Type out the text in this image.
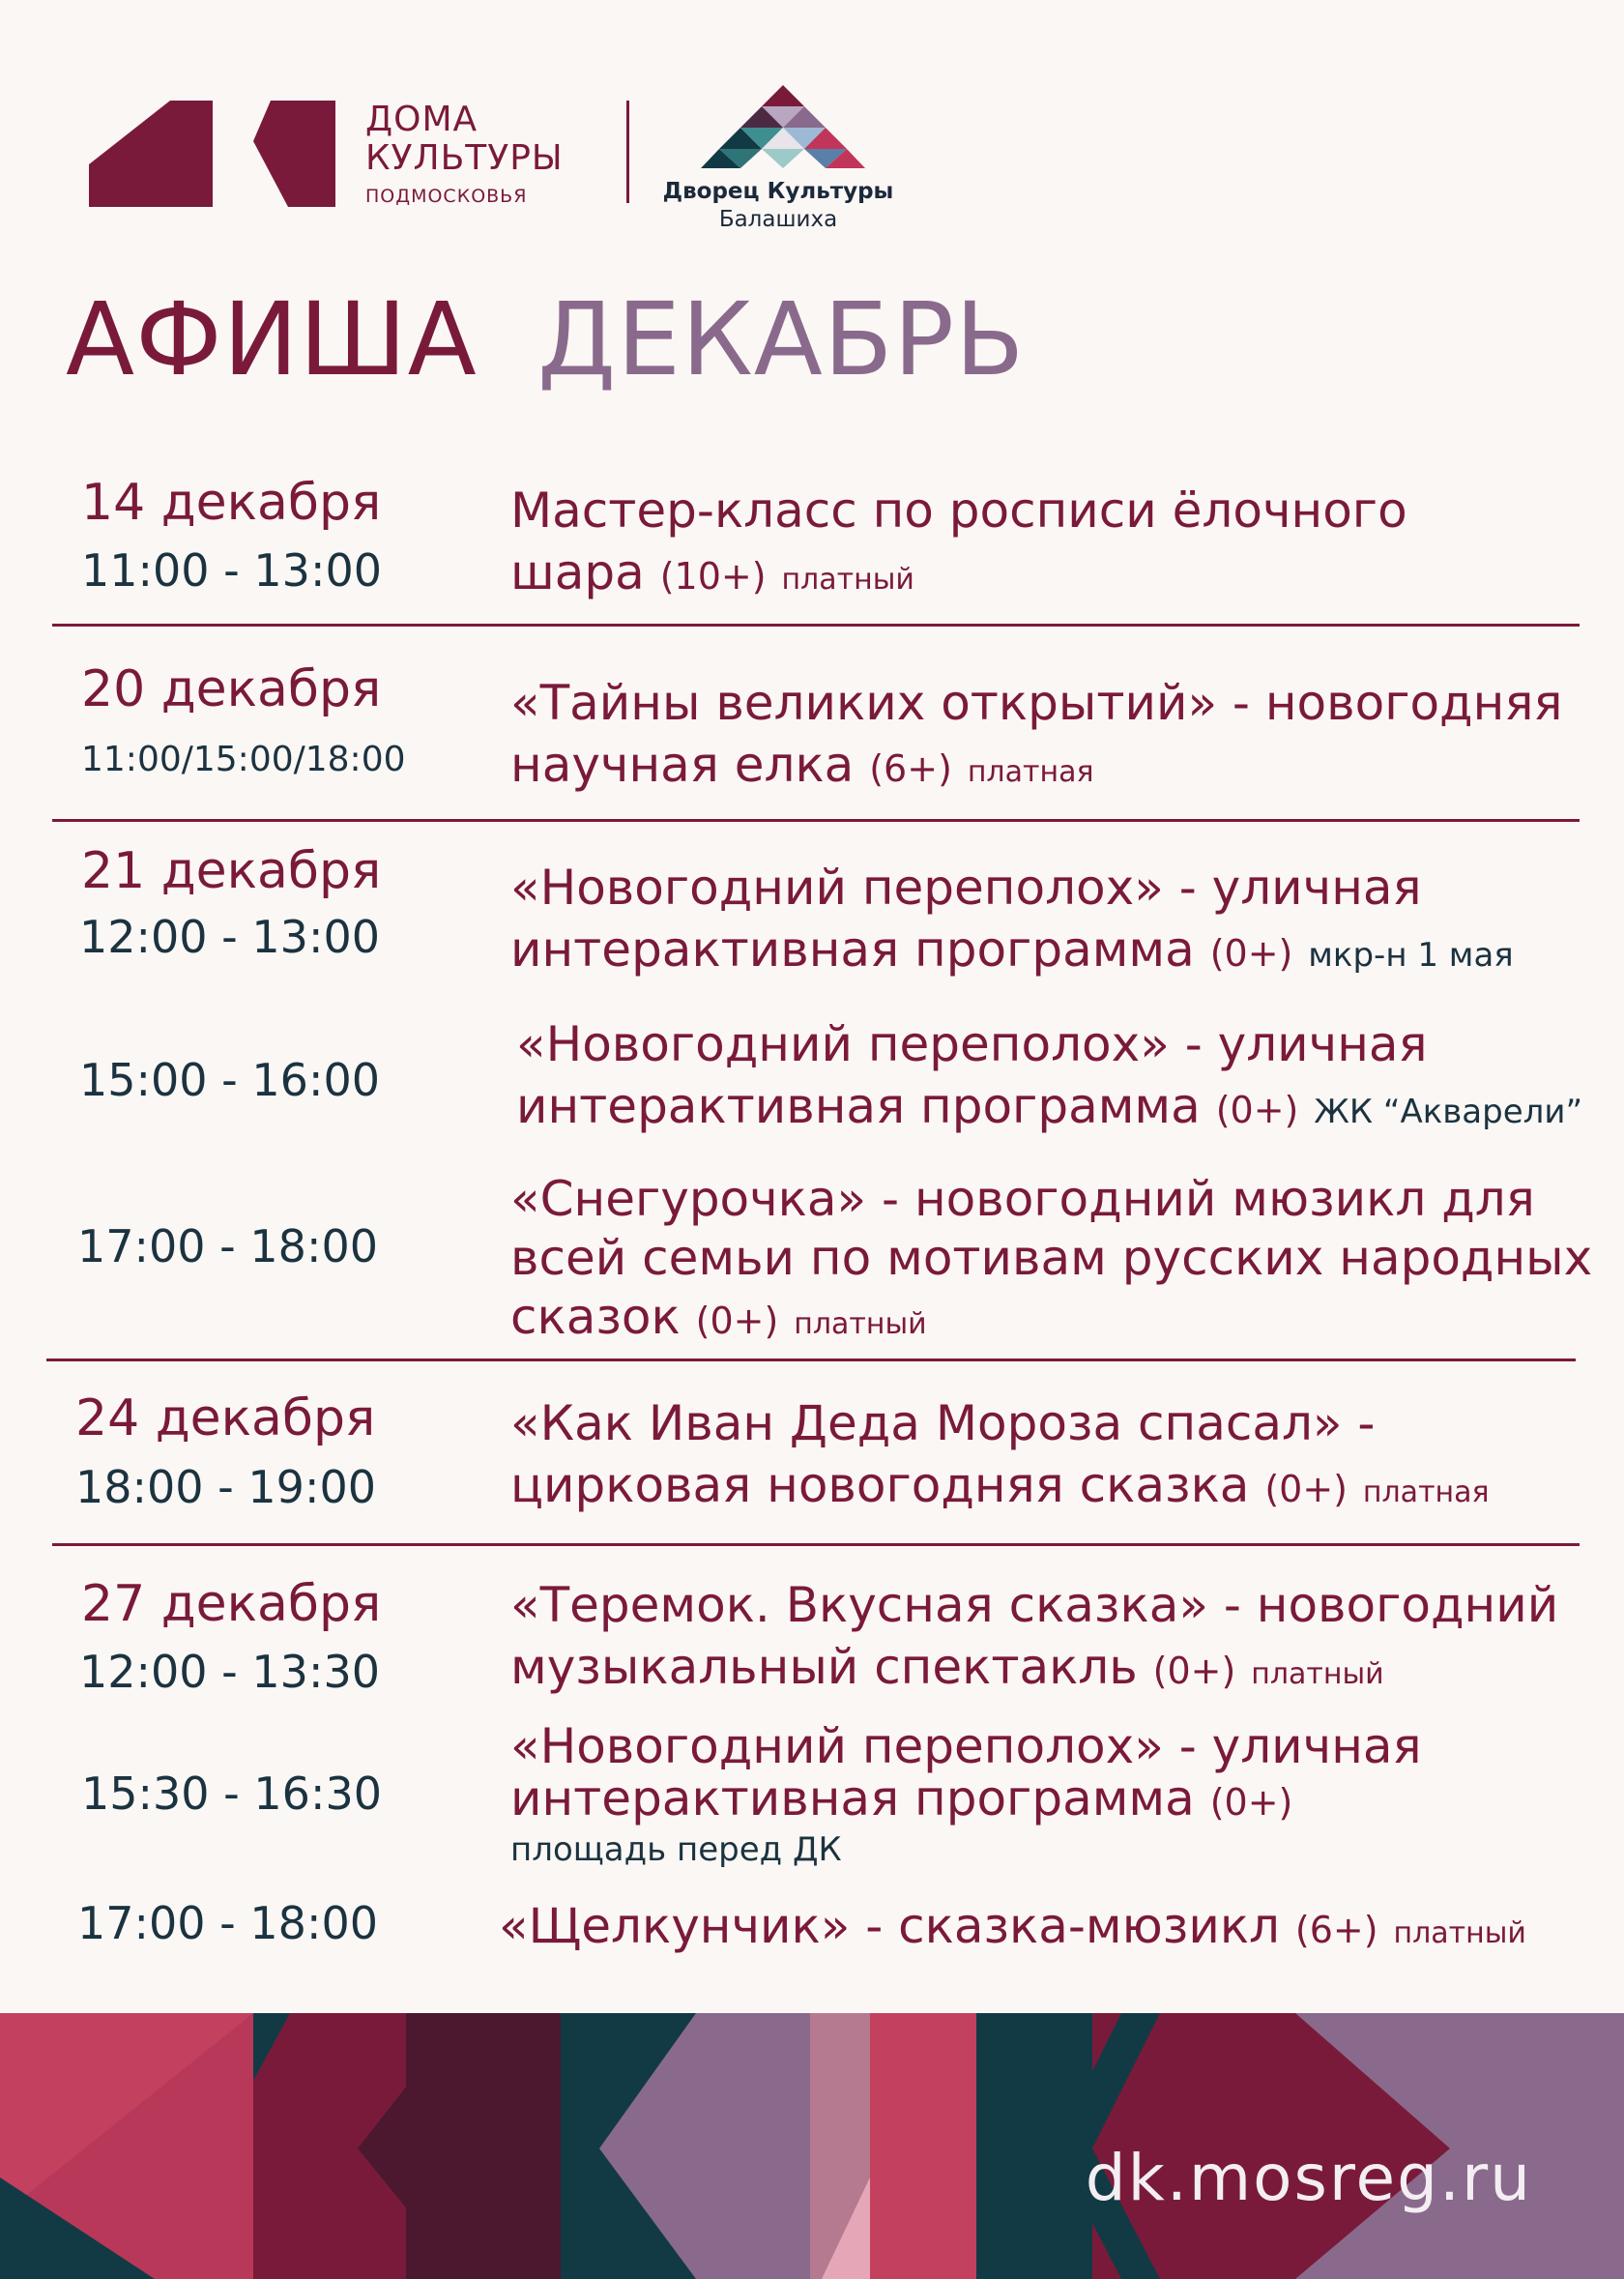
ДОМА
КУЛЬТУРЫ
ПОДМОСКОВЬЯ	Дворец Культуры
Балашиха
АФИША ДЕКАБРЬ
14 декабря
11:00 - 13:00
Мастер-класс по росписи ёлочного
шара (10+) платный
20 декабря
11:00/15:00/18:00
«Тайны великих открытий» - новогодняя
научная елка (6+) платная
21 декабря
12:00 - 13:00
«Новогодний переполох» - уличная
интерактивная программа (0+) мкр-н 1 мая
15:00 - 16:00
«Новогодний переполох» - уличная
интерактивная программа (0+) ЖК “Акварели”
17:00 - 18:00
«Снегурочка» - новогодний мюзикл для
всей семьи по мотивам русских народных
сказок (0+) платный
24 декабря
18:00 - 19:00
«Как Иван Деда Мороза спасал» -
цирковая новогодняя сказка (0+) платная
27 декабря
12:00 - 13:30
«Теремок. Вкусная сказка» - новогодний
музыкальный спектакль (0+) платный
15:30 - 16:30
«Новогодний переполох» - уличная
интерактивная программа (0+)
площадь перед ДК
17:00 - 18:00	«Щелкунчик» - сказка-мюзикл (6+) платный
dk.mosreg.ru
